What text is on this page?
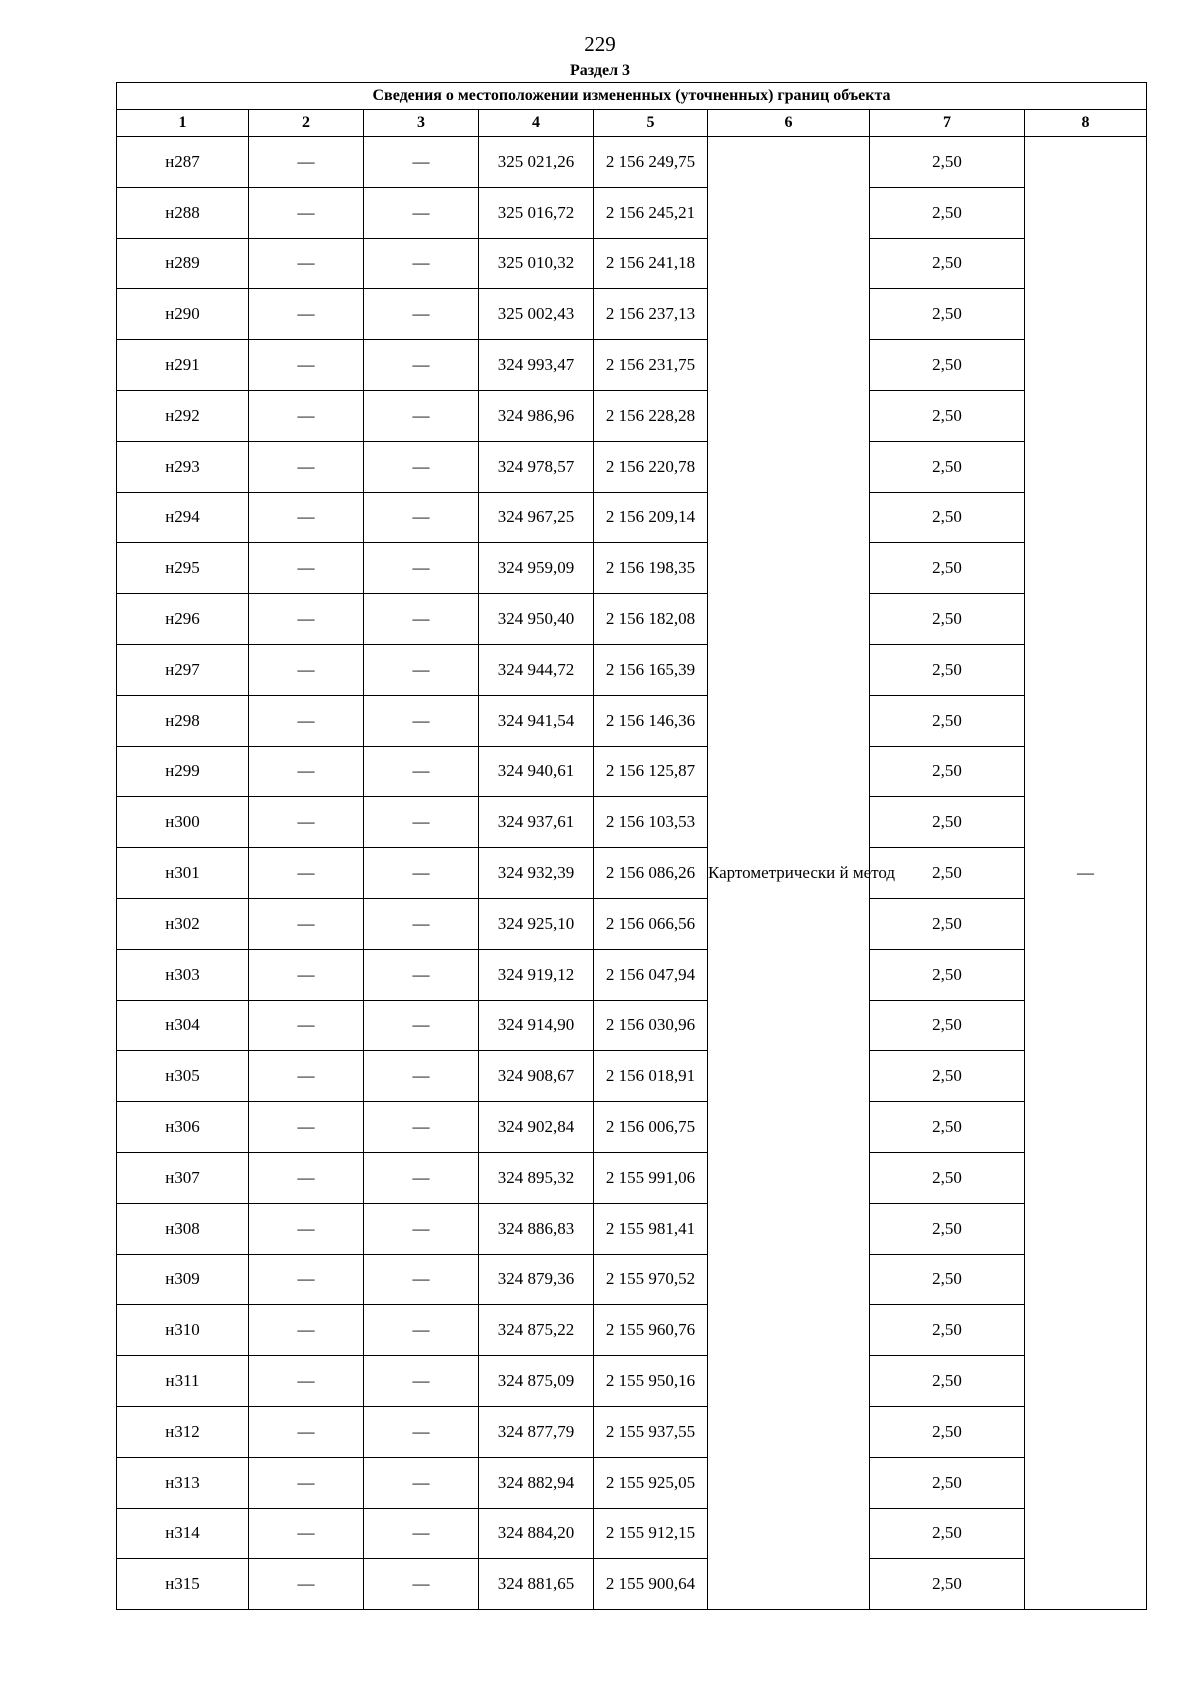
229
Раздел 3
Сведения о местоположении измененных (уточненных) границ объекта							
1	2	3	4	5	6	7	8
н287	—	—	325 021,26	2 156 249,75	Картометрически й метод	2,50	—
н288	—	—	325 016,72	2 156 245,21		2,50	
н289	—	—	325 010,32	2 156 241,18		2,50	
н290	—	—	325 002,43	2 156 237,13		2,50	
н291	—	—	324 993,47	2 156 231,75		2,50	
н292	—	—	324 986,96	2 156 228,28		2,50	
н293	—	—	324 978,57	2 156 220,78		2,50	
н294	—	—	324 967,25	2 156 209,14		2,50	
н295	—	—	324 959,09	2 156 198,35		2,50	
н296	—	—	324 950,40	2 156 182,08		2,50	
н297	—	—	324 944,72	2 156 165,39		2,50	
н298	—	—	324 941,54	2 156 146,36		2,50	
н299	—	—	324 940,61	2 156 125,87		2,50	
н300	—	—	324 937,61	2 156 103,53		2,50	
н301	—	—	324 932,39	2 156 086,26		2,50	
н302	—	—	324 925,10	2 156 066,56		2,50	
н303	—	—	324 919,12	2 156 047,94		2,50	
н304	—	—	324 914,90	2 156 030,96		2,50	
н305	—	—	324 908,67	2 156 018,91		2,50	
н306	—	—	324 902,84	2 156 006,75		2,50	
н307	—	—	324 895,32	2 155 991,06		2,50	
н308	—	—	324 886,83	2 155 981,41		2,50	
н309	—	—	324 879,36	2 155 970,52		2,50	
н310	—	—	324 875,22	2 155 960,76		2,50	
н311	—	—	324 875,09	2 155 950,16		2,50	
н312	—	—	324 877,79	2 155 937,55		2,50	
н313	—	—	324 882,94	2 155 925,05		2,50	
н314	—	—	324 884,20	2 155 912,15		2,50	
н315	—	—	324 881,65	2 155 900,64		2,50	
